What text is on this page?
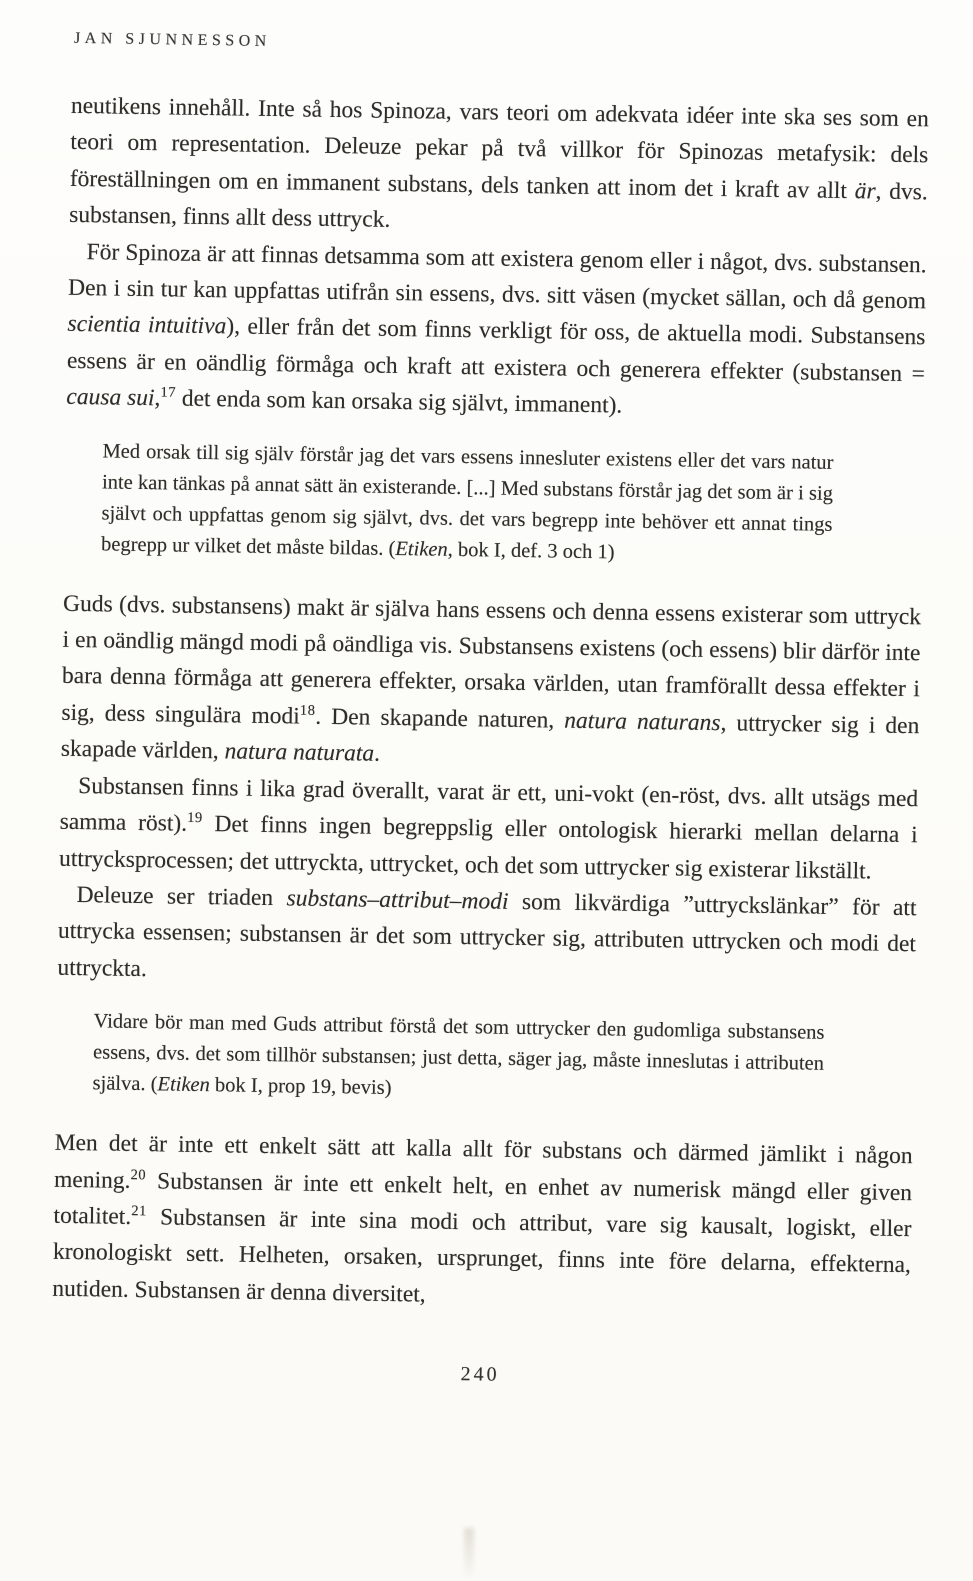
JAN SJUNNESSON

neutikens innehåll. Inte så hos Spinoza, vars teori om adekvata idéer inte ska ses som en teori om representation. Deleuze pekar på två villkor för Spinozas metafysik: dels föreställningen om en immanent substans, dels tanken att inom det i kraft av allt är, dvs. substansen, finns allt dess uttryck.

För Spinoza är att finnas detsamma som att existera genom eller i något, dvs. substansen. Den i sin tur kan uppfattas utifrån sin essens, dvs. sitt väsen (mycket sällan, och då genom scientia intuitiva), eller från det som finns verkligt för oss, de aktuella modi. Substansens essens är en oändlig förmåga och kraft att existera och generera effekter (substansen = causa sui,$^{17}$ det enda som kan orsaka sig självt, immanent).

Med orsak till sig själv förstår jag det vars essens innesluter existens eller det vars natur inte kan tänkas på annat sätt än existerande. [...] Med substans förstår jag det som är i sig självt och uppfattas genom sig självt, dvs. det vars begrepp inte behöver ett annat tings begrepp ur vilket det måste bildas. (Etiken, bok I, def. 3 och 1)

Guds (dvs. substansens) makt är själva hans essens och denna essens existerar som uttryck i en oändlig mängd modi på oändliga vis. Substansens existens (och essens) blir därför inte bara denna förmåga att generera effekter, orsaka världen, utan framförallt dessa effekter i sig, dess singulära modi$^{18}$. Den skapande naturen, natura naturans, uttrycker sig i den skapade världen, natura naturata.

Substansen finns i lika grad överallt, varat är ett, uni-vokt (en-röst, dvs. allt utsägs med samma röst).$^{19}$ Det finns ingen begreppslig eller ontologisk hierarki mellan delarna i uttrycksprocessen; det uttryckta, uttrycket, och det som uttrycker sig existerar likställt.

Deleuze ser triaden substans–attribut–modi som likvärdiga ”uttryckslänkar” för att uttrycka essensen; substansen är det som uttrycker sig, attributen uttrycken och modi det uttryckta.

Vidare bör man med Guds attribut förstå det som uttrycker den gudomliga substansens essens, dvs. det som tillhör substansen; just detta, säger jag, måste inneslutas i attributen själva. (Etiken bok I, prop 19, bevis)

Men det är inte ett enkelt sätt att kalla allt för substans och därmed jämlikt i någon mening.$^{20}$ Substansen är inte ett enkelt helt, en enhet av numerisk mängd eller given totalitet.$^{21}$ Substansen är inte sina modi och attribut, vare sig kausalt, logiskt, eller kronologiskt sett. Helheten, orsaken, ursprunget, finns inte före delarna, effekterna, nutiden. Substansen är denna diversitet,

240
